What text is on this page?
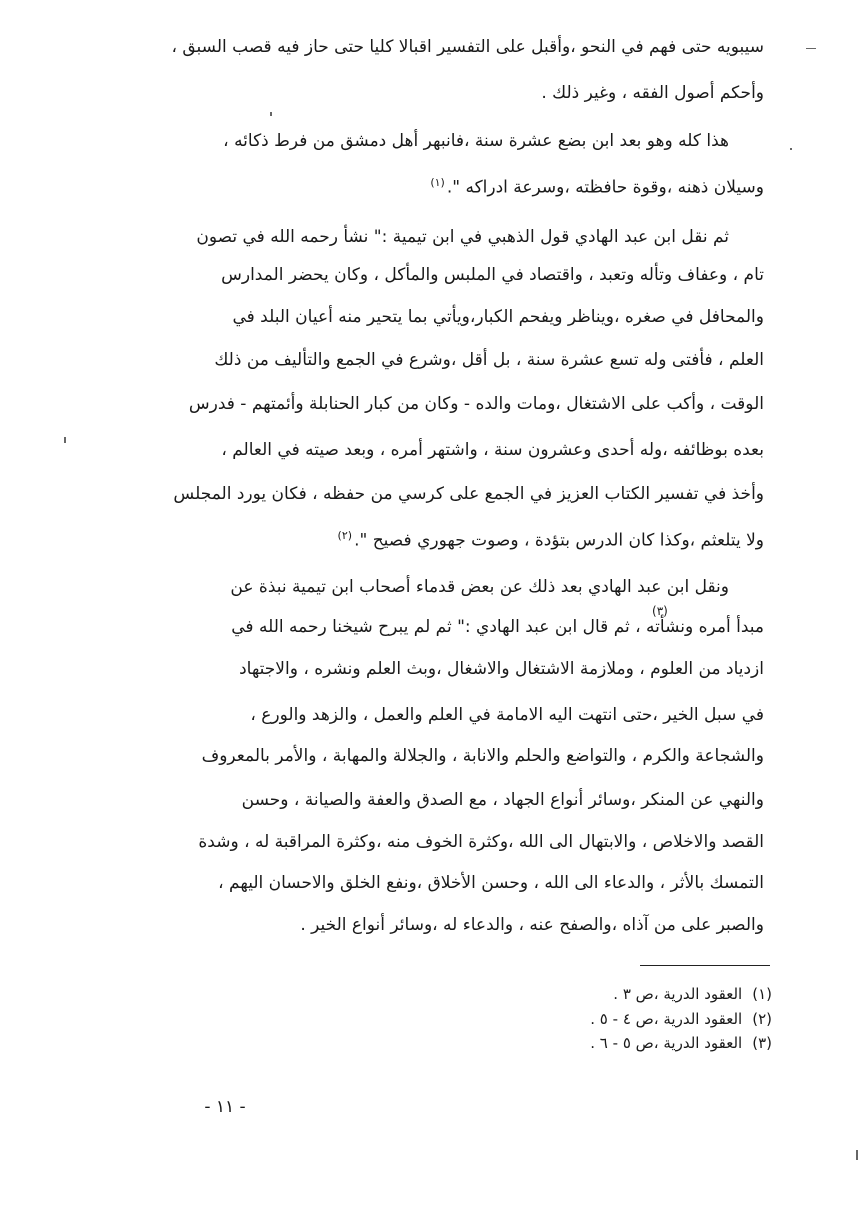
سيبويه حتى فهم في النحو ،وأقبل على التفسير اقبالا كليا حتى حاز فيه قصب السبق ،
وأحكم أصول الفقه ، وغير ذلك .
هذا كله وهو بعد ابن بضع عشرة سنة ،فانبهر أهل دمشق من فرط ذكائه ،
وسيلان ذهنه ،وقوة حافظته ،وسرعة ادراكه ".$^{(١)}$
ثم نقل ابن عبد الهادي قول الذهبي في ابن تيمية :" نشأ رحمه الله في تصون
تام ، وعفاف وتأله وتعبد ، واقتصاد في الملبس والمأكل ، وكان يحضر المدارس
والمحافل في صغره ،ويناظر ويفحم الكبار،ويأتي بما يتحير منه أعيان البلد في
العلم ، فأفتى وله تسع عشرة سنة ، بل أقل ،وشرع في الجمع والتأليف من ذلك
الوقت ، وأكب على الاشتغال ،ومات والده - وكان من كبار الحنابلة وأئمتهم - فدرس
بعده بوظائفه ،وله أحدى وعشرون سنة ، واشتهر أمره ، وبعد صيته في العالم ،
وأخذ في تفسير الكتاب العزيز في الجمع على كرسي من حفظه ، فكان يورد المجلس
ولا يتلعثم ،وكذا كان الدرس بتؤدة ، وصوت جهوري فصيح ".$^{(٢)}$
ونقل ابن عبد الهادي بعد ذلك عن بعض قدماء أصحاب ابن تيمية نبذة عن
مبدأ أمره ونشأته ، ثم قال ابن عبد الهادي :" ثم لم يبرح شيخنا رحمه الله في
(٣)
ازدياد من العلوم ، وملازمة الاشتغال والاشغال ،وبث العلم ونشره ، والاجتهاد
في سبل الخير ،حتى انتهت اليه الامامة في العلم والعمل ، والزهد والورع ،
والشجاعة والكرم ، والتواضع والحلم والانابة ، والجلالة والمهابة ، والأمر بالمعروف
والنهي عن المنكر ،وسائر أنواع الجهاد ، مع الصدق والعفة والصيانة ، وحسن
القصد والاخلاص ، والابتهال الى الله ،وكثرة الخوف منه ،وكثرة المراقبة له ، وشدة
التمسك بالأثر ، والدعاء الى الله ، وحسن الأخلاق ،ونفع الخلق والاحسان اليهم ،
والصبر على من آذاه ،والصفح عنه ، والدعاء له ،وسائر أنواع الخير .
(١)العقود الدرية ،ص ٣ .
(٢)العقود الدرية ،ص ٤ - ٥ .
(٣)العقود الدرية ،ص ٥ - ٦ .
- ١١ -
